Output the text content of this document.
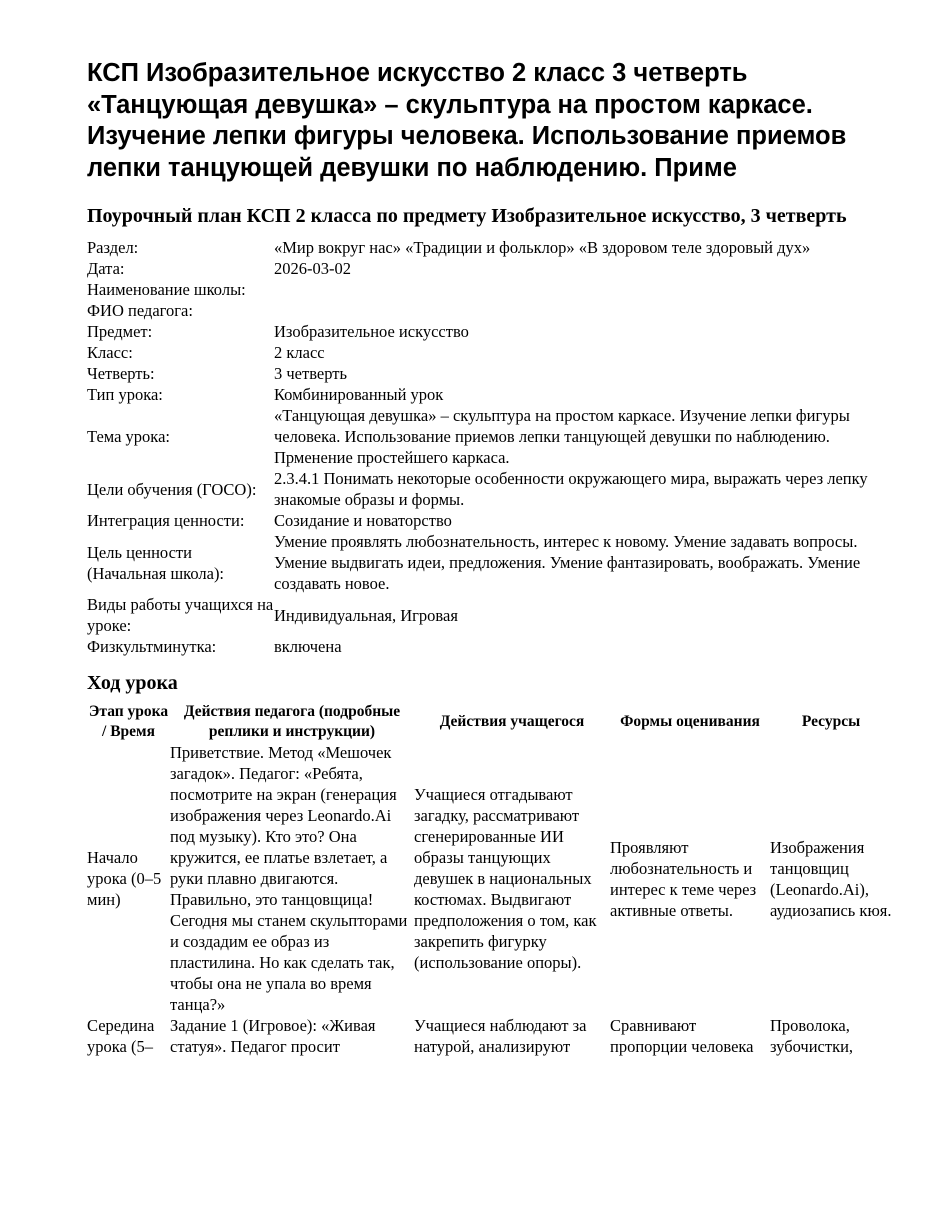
КСП Изобразительное искусство 2 класс 3 четверть «Танцующая девушка» – скульптура на простом каркасе. Изучение лепки фигуры человека. Использование приемов лепки танцующей девушки по наблюдению. Приме
Поурочный план КСП 2 класса по предмету Изобразительное искусство, 3 четверть
Раздел:	«Мир вокруг нас» «Традиции и фольклор» «В здоровом теле здоровый дух»
Дата:	2026-03-02
Наименование школы:	
ФИО педагога:	
Предмет:	Изобразительное искусство
Класс:	2 класс
Четверть:	3 четверть
Тип урока:	Комбинированный урок
Тема урока:	«Танцующая девушка» – скульптура на простом каркасе. Изучение лепки фигуры человека. Использование приемов лепки танцующей девушки по наблюдению. Прменение простейшего каркаса.
Цели обучения (ГОСО):	2.3.4.1 Понимать некоторые особенности окружающего мира, выражать через лепку знакомые образы и формы.
Интеграция ценности:	Созидание и новаторство
Цель ценности (Начальная школа):	Умение проявлять любознательность, интерес к новому. Умение задавать вопросы. Умение выдвигать идеи, предложения. Умение фантазировать, воображать. Умение создавать новое.
Виды работы учащихся на уроке:	Индивидуальная, Игровая
Физкультминутка:	включена
Ход урока
Этап урока / Время	Действия педагога (подробные реплики и инструкции)	Действия учащегося	Формы оценивания	Ресурсы
Начало урока (0–5 мин)	Приветствие. Метод «Мешочек загадок». Педагог: «Ребята, посмотрите на экран (генерация изображения через Leonardo.Ai под музыку). Кто это? Она кружится, ее платье взлетает, а руки плавно двигаются. Правильно, это танцовщица! Сегодня мы станем скульпторами и создадим ее образ из пластилина. Но как сделать так, чтобы она не упала во время танца?»	Учащиеся отгадывают загадку, рассматривают сгенерированные ИИ образы танцующих девушек в национальных костюмах. Выдвигают предположения о том, как закрепить фигурку (использование опоры).	Проявляют любознательность и интерес к теме через активные ответы.	Изображения танцовщиц (Leonardo.Ai), аудиозапись кюя.
Середина урока (5–	Задание 1 (Игровое): «Живая статуя». Педагог просит	Учащиеся наблюдают за натурой, анализируют	Сравнивают пропорции человека	Проволока, зубочистки,
